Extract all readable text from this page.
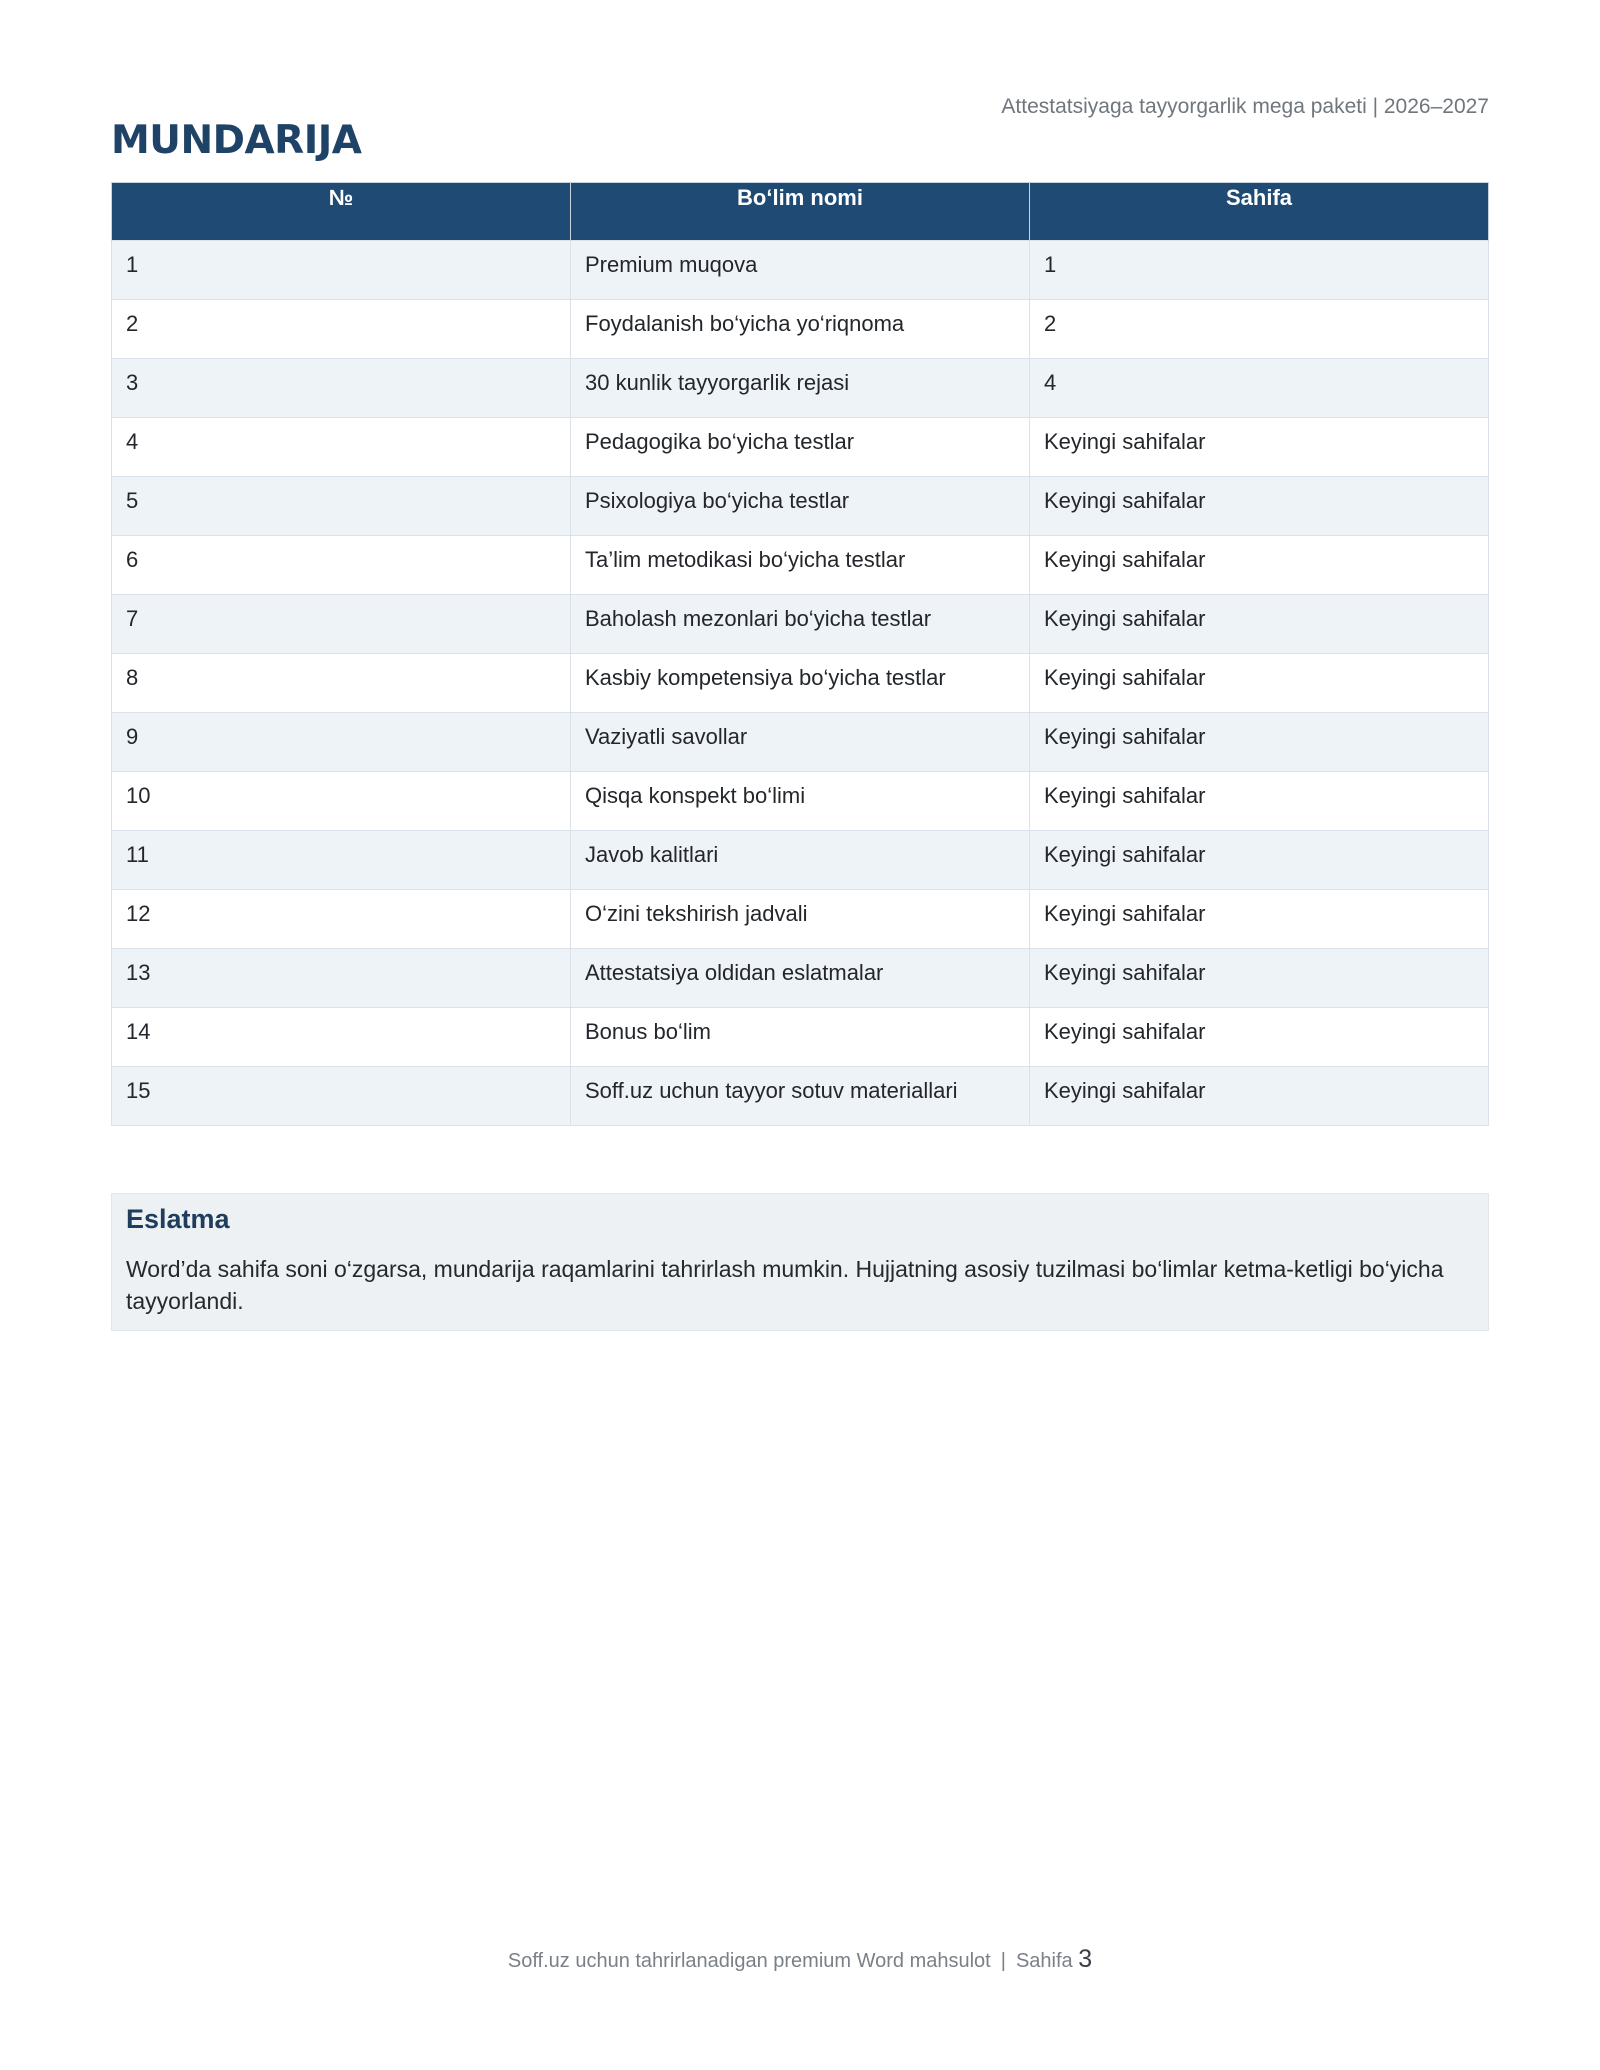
Attestatsiyaga tayyorgarlik mega paketi | 2026–2027
MUNDARIJA
№	Bo‘lim nomi	Sahifa
1	Premium muqova	1
2	Foydalanish bo‘yicha yo‘riqnoma	2
3	30 kunlik tayyorgarlik rejasi	4
4	Pedagogika bo‘yicha testlar	Keyingi sahifalar
5	Psixologiya bo‘yicha testlar	Keyingi sahifalar
6	Ta’lim metodikasi bo‘yicha testlar	Keyingi sahifalar
7	Baholash mezonlari bo‘yicha testlar	Keyingi sahifalar
8	Kasbiy kompetensiya bo‘yicha testlar	Keyingi sahifalar
9	Vaziyatli savollar	Keyingi sahifalar
10	Qisqa konspekt bo‘limi	Keyingi sahifalar
11	Javob kalitlari	Keyingi sahifalar
12	O‘zini tekshirish jadvali	Keyingi sahifalar
13	Attestatsiya oldidan eslatmalar	Keyingi sahifalar
14	Bonus bo‘lim	Keyingi sahifalar
15	Soff.uz uchun tayyor sotuv materiallari	Keyingi sahifalar
Eslatma

Word’da sahifa soni o‘zgarsa, mundarija raqamlarini tahrirlash mumkin. Hujjatning asosiy tuzilmasi bo‘limlar ketma-ketligi bo‘yicha tayyorlandi.

Soff.uz uchun tahrirlanadigan premium Word mahsulot | Sahifa 3
